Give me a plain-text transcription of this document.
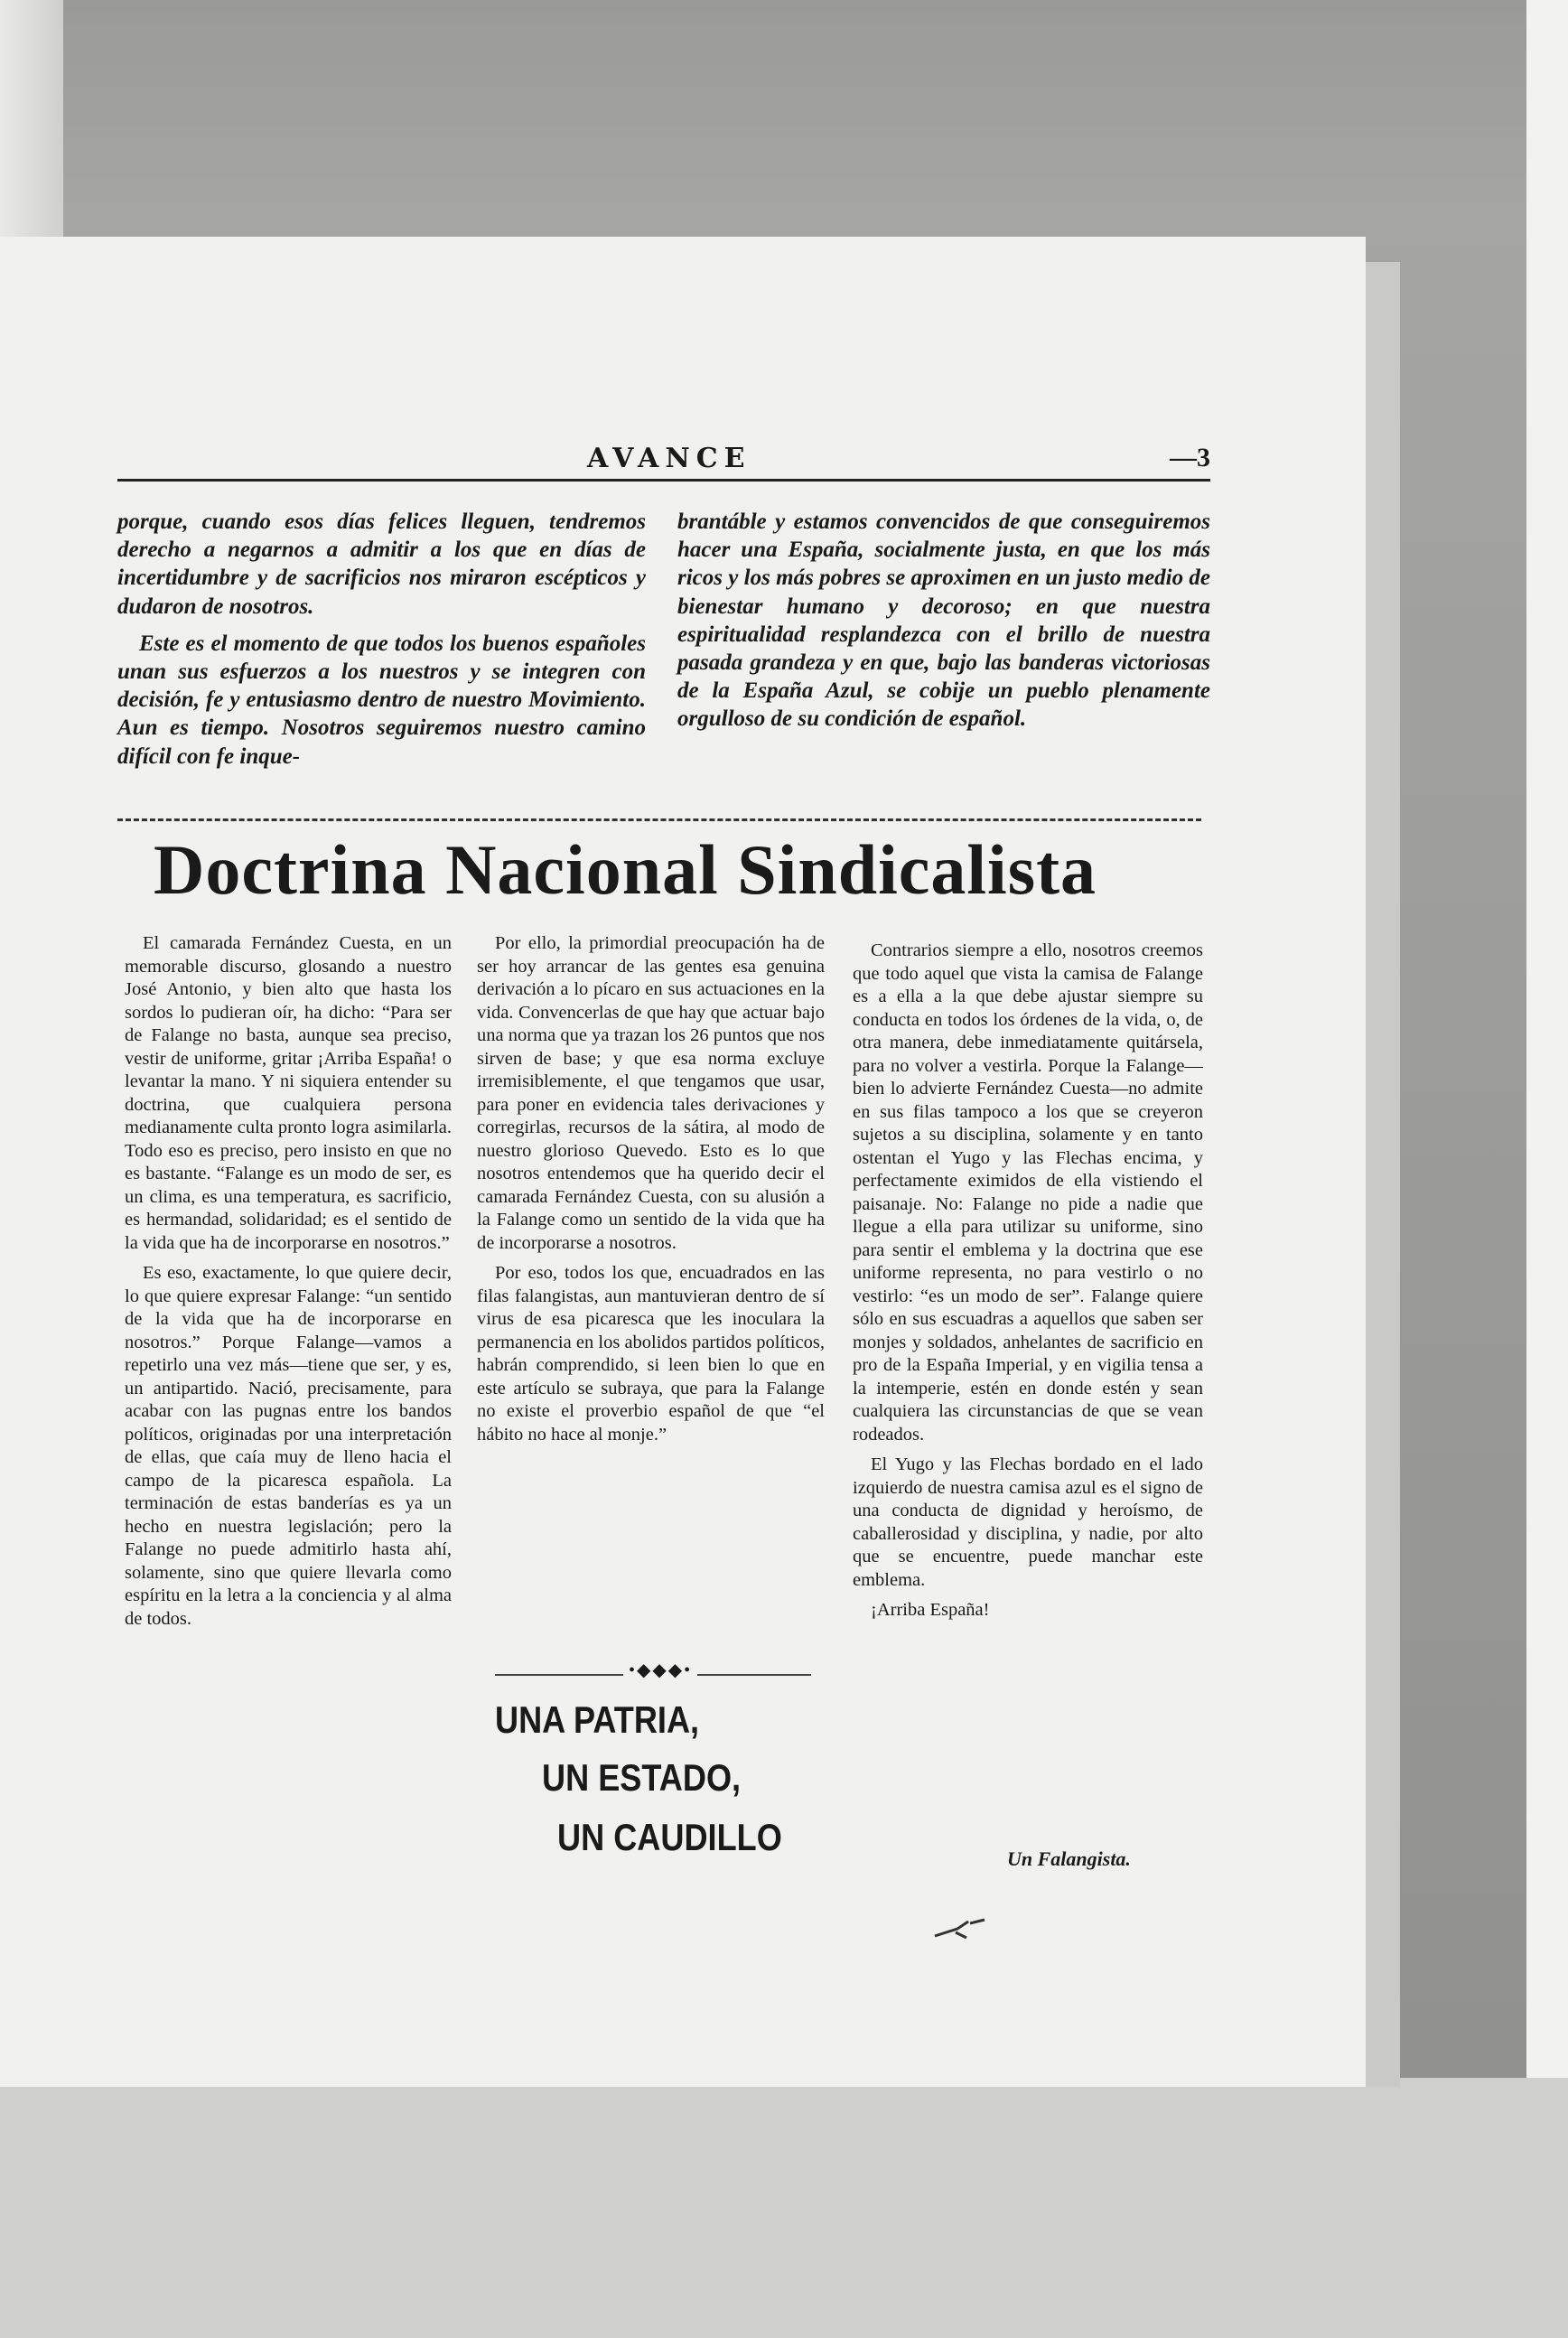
AVANCE	—3

porque, cuando esos días felices lleguen, tendremos derecho a negarnos a admitir a los que en días de incertidumbre y de sacrificios nos miraron escépticos y dudaron de nosotros.

Este es el momento de que todos los buenos españoles unan sus esfuerzos a los nuestros y se integren con decisión, fe y entusiasmo dentro de nuestro Movimiento. Aun es tiempo. Nosotros seguiremos nuestro camino difícil con fe inque-

brantáble y estamos convencidos de que conseguiremos hacer una España, socialmente justa, en que los más ricos y los más pobres se aproximen en un justo medio de bienestar humano y decoroso; en que nuestra espiritualidad resplandezca con el brillo de nuestra pasada grandeza y en que, bajo las banderas victoriosas de la España Azul, se cobije un pueblo plenamente orgulloso de su condición de español.

Doctrina Nacional Sindicalista

El camarada Fernández Cuesta, en un memorable discurso, glosando a nuestro José Antonio, y bien alto que hasta los sordos lo pudieran oír, ha dicho: “Para ser de Falange no basta, aunque sea preciso, vestir de uniforme, gritar ¡Arriba España! o levantar la mano. Y ni siquiera entender su doctrina, que cualquiera persona medianamente culta pronto logra asimilarla. Todo eso es preciso, pero insisto en que no es bastante. “Falange es un modo de ser, es un clima, es una temperatura, es sacrificio, es hermandad, solidaridad; es el sentido de la vida que ha de incorporarse en nosotros.”

Es eso, exactamente, lo que quiere decir, lo que quiere expresar Falange: “un sentido de la vida que ha de incorporarse en nosotros.” Porque Falange—vamos a repetirlo una vez más—tiene que ser, y es, un antipartido. Nació, precisamente, para acabar con las pugnas entre los bandos políticos, originadas por una interpretación de ellas, que caía muy de lleno hacia el campo de la picaresca española. La terminación de estas banderías es ya un hecho en nuestra legislación; pero la Falange no puede admitirlo hasta ahí, solamente, sino que quiere llevarla como espíritu en la letra a la conciencia y al alma de todos.

Por ello, la primordial preocupación ha de ser hoy arrancar de las gentes esa genuina derivación a lo pícaro en sus actuaciones en la vida. Convencerlas de que hay que actuar bajo una norma que ya trazan los 26 puntos que nos sirven de base; y que esa norma excluye irremisiblemente, el que tengamos que usar, para poner en evidencia tales derivaciones y corregirlas, recursos de la sátira, al modo de nuestro glorioso Quevedo. Esto es lo que nosotros entendemos que ha querido decir el camarada Fernández Cuesta, con su alusión a la Falange como un sentido de la vida que ha de incorporarse a nosotros.

Por eso, todos los que, encuadrados en las filas falangistas, aun mantuvieran dentro de sí virus de esa picaresca que les inoculara la permanencia en los abolidos partidos políticos, habrán comprendido, si leen bien lo que en este artículo se subraya, que para la Falange no existe el proverbio español de que “el hábito no hace al monje.”

Contrarios siempre a ello, nosotros creemos que todo aquel que vista la camisa de Falange es a ella a la que debe ajustar siempre su conducta en todos los órdenes de la vida, o, de otra manera, debe inmediatamente quitársela, para no volver a vestirla. Porque la Falange— bien lo advierte Fernández Cuesta—no admite en sus filas tampoco a los que se creyeron sujetos a su disciplina, solamente y en tanto ostentan el Yugo y las Flechas encima, y perfectamente eximidos de ella vistiendo el paisanaje. No: Falange no pide a nadie que llegue a ella para utilizar su uniforme, sino para sentir el emblema y la doctrina que ese uniforme representa, no para vestirlo o no vestirlo: “es un modo de ser”. Falange quiere sólo en sus escuadras a aquellos que saben ser monjes y soldados, anhelantes de sacrificio en pro de la España Imperial, y en vigilia tensa a la intemperie, estén en donde estén y sean cualquiera las circunstancias de que se vean rodeados.

El Yugo y las Flechas bordado en el lado izquierdo de nuestra camisa azul es el signo de una conducta de dignidad y heroísmo, de caballerosidad y disciplina, y nadie, por alto que se encuentre, puede manchar este emblema.

¡Arriba España!

•◆◆◆•
UNA PATRIA,
UN ESTADO,
UN CAUDILLO
Un Falangista.
